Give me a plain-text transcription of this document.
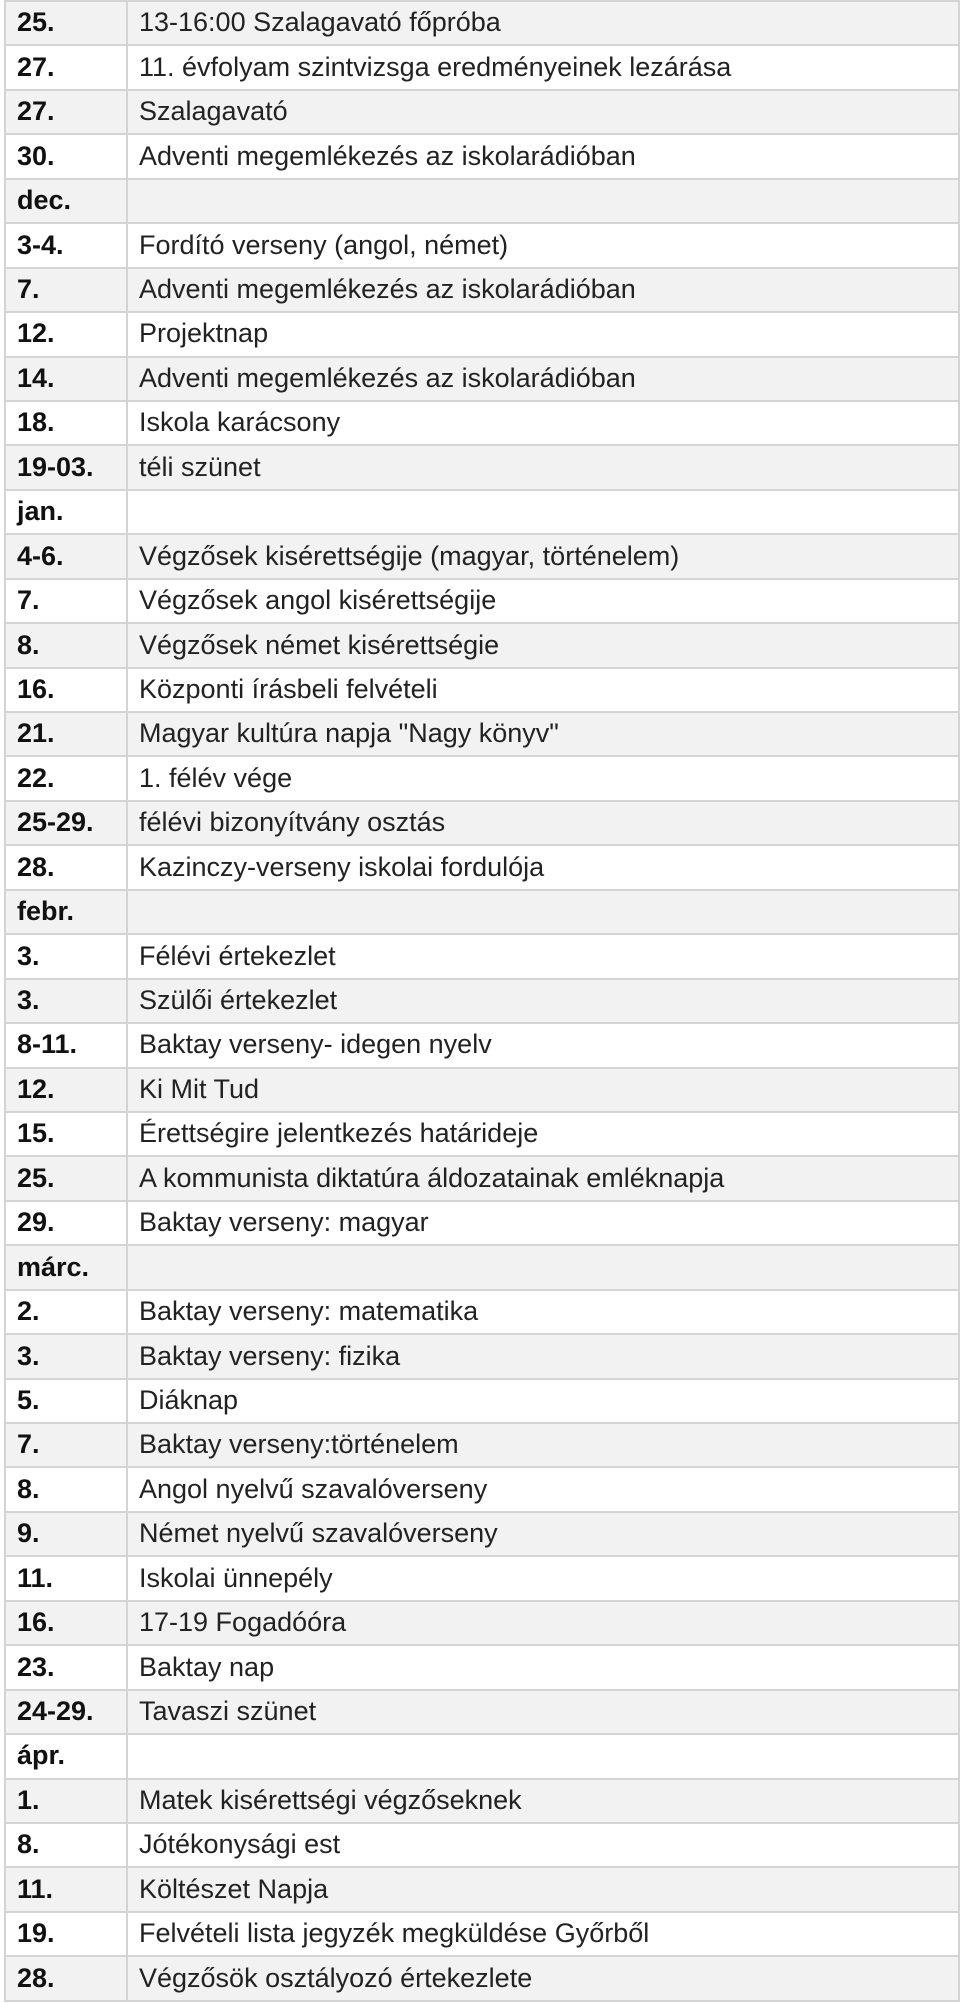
25.	13-16:00 Szalagavató főpróba
27.	11. évfolyam szintvizsga eredményeinek lezárása
27.	Szalagavató
30.	Adventi megemlékezés az iskolarádióban
dec.	
3-4.	Fordító verseny (angol, német)
7.	Adventi megemlékezés az iskolarádióban
12.	Projektnap
14.	Adventi megemlékezés az iskolarádióban
18.	Iskola karácsony
19-03.	téli szünet
jan.	
4-6.	Végzősek kisérettségije (magyar, történelem)
7.	Végzősek angol kisérettségije
8.	Végzősek német kisérettségie
16.	Központi írásbeli felvételi
21.	Magyar kultúra napja "Nagy könyv"
22.	1. félév vége
25-29.	félévi bizonyítvány osztás
28.	Kazinczy-verseny iskolai fordulója
febr.	
3.	Félévi értekezlet
3.	Szülői értekezlet
8-11.	Baktay verseny- idegen nyelv
12.	Ki Mit Tud
15.	Érettségire jelentkezés határideje
25.	A kommunista diktatúra áldozatainak emléknapja
29.	Baktay verseny: magyar
márc.	
2.	Baktay verseny: matematika
3.	Baktay verseny: fizika
5.	Diáknap
7.	Baktay verseny:történelem
8.	Angol nyelvű szavalóverseny
9.	Német nyelvű szavalóverseny
11.	Iskolai ünnepély
16.	17-19 Fogadóóra
23.	Baktay nap
24-29.	Tavaszi szünet
ápr.	
1.	Matek kisérettségi végzőseknek
8.	Jótékonysági est
11.	Költészet Napja
19.	Felvételi lista jegyzék megküldése Győrből
28.	Végzősök osztályozó értekezlete
